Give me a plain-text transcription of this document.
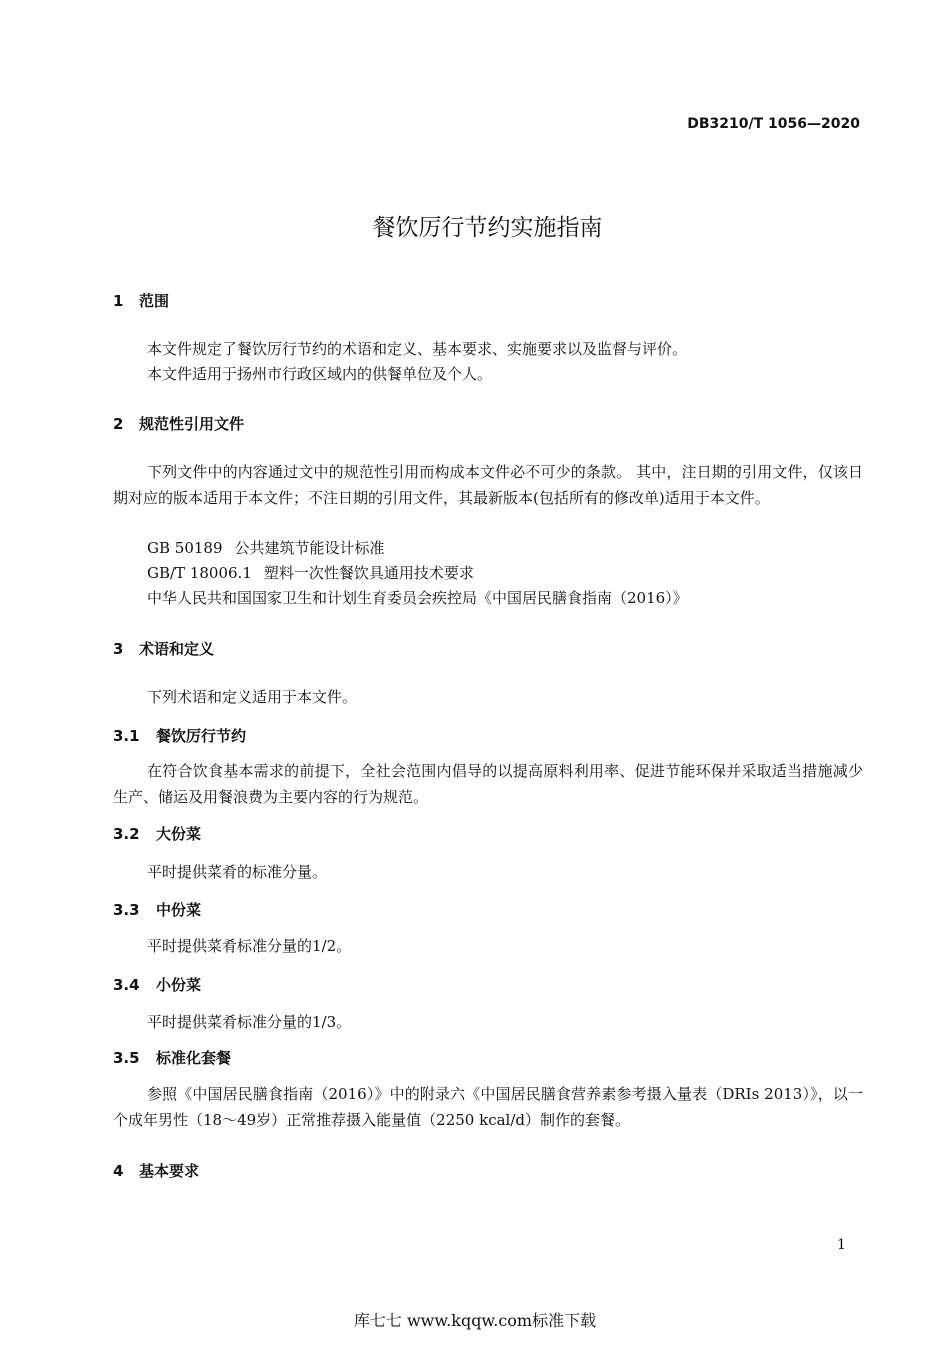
DB3210/T 1056—2020
餐饮厉行节约实施指南
1 范围
本文件规定了餐饮厉行节约的术语和定义、基本要求、实施要求以及监督与评价。
本文件适用于扬州市行政区域内的供餐单位及个人。
2 规范性引用文件
下列文件中的内容通过文中的规范性引用而构成本文件必不可少的条款。 其中，注日期的引用文件，仅该日期对应的版本适用于本文件；不注日期的引用文件，其最新版本(包括所有的修改单)适用于本文件。
GB 50189 公共建筑节能设计标准
GB/T 18006.1 塑料一次性餐饮具通用技术要求
中华人民共和国国家卫生和计划生育委员会疾控局《中国居民膳食指南（2016）》
3 术语和定义
下列术语和定义适用于本文件。
3.1 餐饮厉行节约
在符合饮食基本需求的前提下，全社会范围内倡导的以提高原料利用率、促进节能环保并采取适当措施减少生产、储运及用餐浪费为主要内容的行为规范。
3.2 大份菜
平时提供菜肴的标准分量。
3.3 中份菜
平时提供菜肴标准分量的1/2。
3.4 小份菜
平时提供菜肴标准分量的1/3。
3.5 标准化套餐
参照《中国居民膳食指南（2016）》中的附录六《中国居民膳食营养素参考摄入量表（DRIs 2013）》，以一个成年男性（18～49岁）正常推荐摄入能量值（2250 kcal/d）制作的套餐。
4 基本要求
1
库七七 www.kqqw.com标准下载
